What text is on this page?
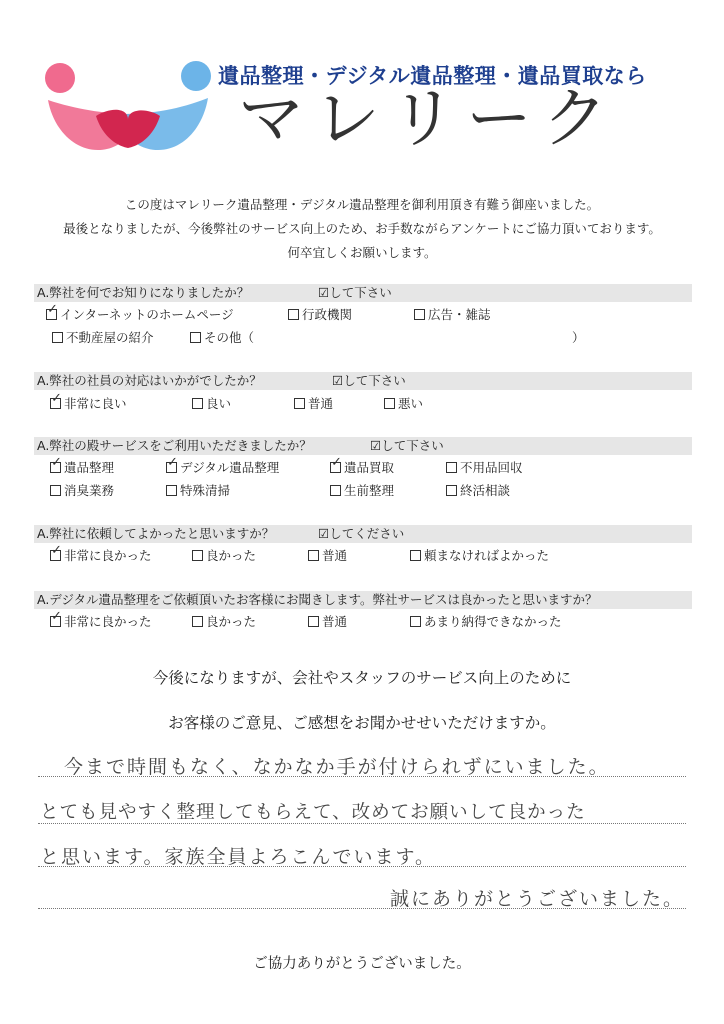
遺品整理・デジタル遺品整理・遺品買取なら
マレリーク
この度はマレリーク遺品整理・デジタル遺品整理を御利用頂き有難う御座いました。
最後となりましたが、今後弊社のサービス向上のため、お手数ながらアンケートにご協力頂いております。
何卒宜しくお願いします。
A.弊社を何でお知りになりましたか？	☑して下さい
✓インターネットのホームページ	行政機関	広告・雑誌
不動産屋の紹介	その他（	）
A.弊社の社員の対応はいかがでしたか？	☑して下さい
✓非常に良い	良い	普通	悪い
A.弊社の殿サービスをご利用いただきましたか？	☑して下さい
✓遺品整理 ✓	デジタル遺品整理 ✓	遺品買取	不用品回収
消臭業務	特殊清掃	生前整理	終活相談
A.弊社に依頼してよかったと思いますか？	☑してください
✓非常に良かった	良かった	普通	頼まなければよかった
A.デジタル遺品整理をご依頼頂いたお客様にお聞きします。弊社サービスは良かったと思いますか？
✓非常に良かった	良かった	普通	あまり納得できなかった
今後になりますが、会社やスタッフのサービス向上のために
お客様のご意見、ご感想をお聞かせせいただけますか。
今まで時間もなく、なかなか手が付けられずにいました。
とても見やすく整理してもらえて、改めてお願いして良かった
と思います。家族全員よろこんでいます。
誠にありがとうございました。
ご協力ありがとうございました。
